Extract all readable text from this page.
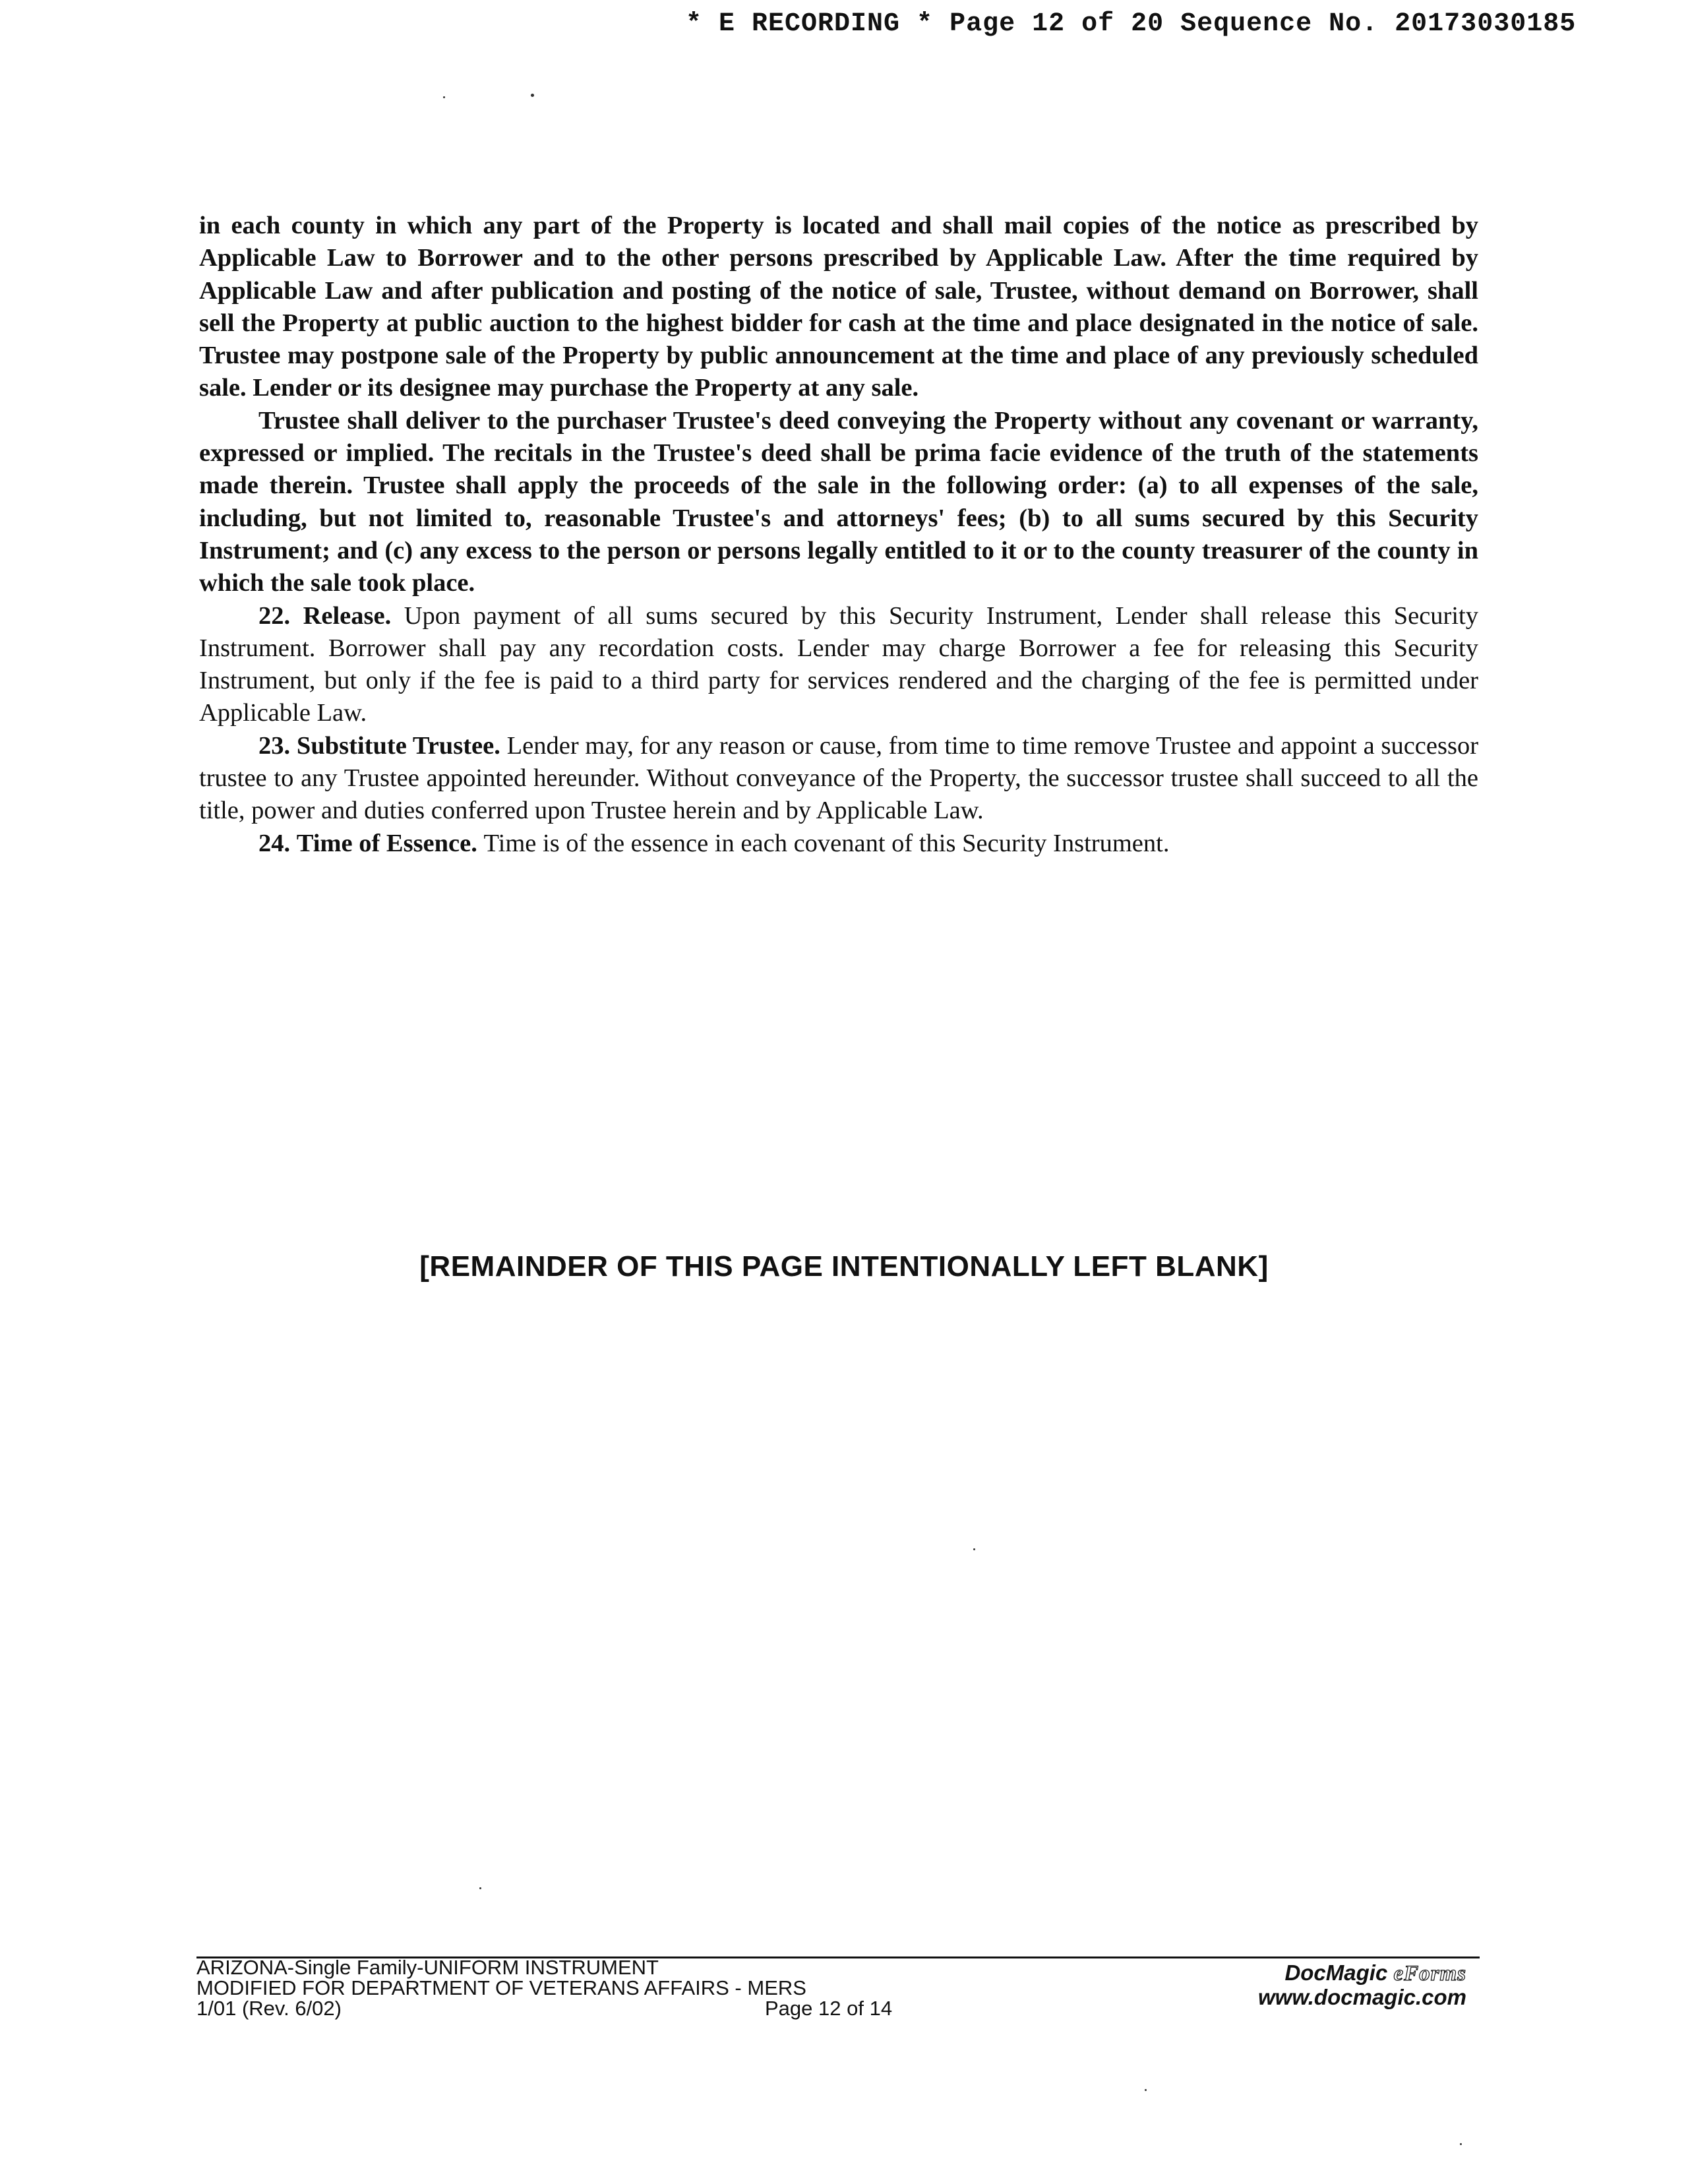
* E RECORDING * Page 12 of 20 Sequence No. 20173030185

in each county in which any part of the Property is located and shall mail copies of the notice as prescribed by Applicable Law to Borrower and to the other persons prescribed by Applicable Law. After the time required by Applicable Law and after publication and posting of the notice of sale, Trustee, without demand on Borrower, shall sell the Property at public auction to the highest bidder for cash at the time and place designated in the notice of sale. Trustee may postpone sale of the Property by public announcement at the time and place of any previously scheduled sale. Lender or its designee may purchase the Property at any sale.

Trustee shall deliver to the purchaser Trustee's deed conveying the Property without any covenant or warranty, expressed or implied. The recitals in the Trustee's deed shall be prima facie evidence of the truth of the statements made therein. Trustee shall apply the proceeds of the sale in the following order: (a) to all expenses of the sale, including, but not limited to, reasonable Trustee's and attorneys' fees; (b) to all sums secured by this Security Instrument; and (c) any excess to the person or persons legally entitled to it or to the county treasurer of the county in which the sale took place.

22. Release. Upon payment of all sums secured by this Security Instrument, Lender shall release this Security Instrument. Borrower shall pay any recordation costs. Lender may charge Borrower a fee for releasing this Security Instrument, but only if the fee is paid to a third party for services rendered and the charging of the fee is permitted under Applicable Law.

23. Substitute Trustee. Lender may, for any reason or cause, from time to time remove Trustee and appoint a successor trustee to any Trustee appointed hereunder. Without conveyance of the Property, the successor trustee shall succeed to all the title, power and duties conferred upon Trustee herein and by Applicable Law.

24. Time of Essence. Time is of the essence in each covenant of this Security Instrument.

[REMAINDER OF THIS PAGE INTENTIONALLY LEFT BLANK]
ARIZONA-Single Family-UNIFORM INSTRUMENT
MODIFIED FOR DEPARTMENT OF VETERANS AFFAIRS - MERS
1/01 (Rev. 6/02)	Page 12 of 14
DocMagic eForms
www.docmagic.com
